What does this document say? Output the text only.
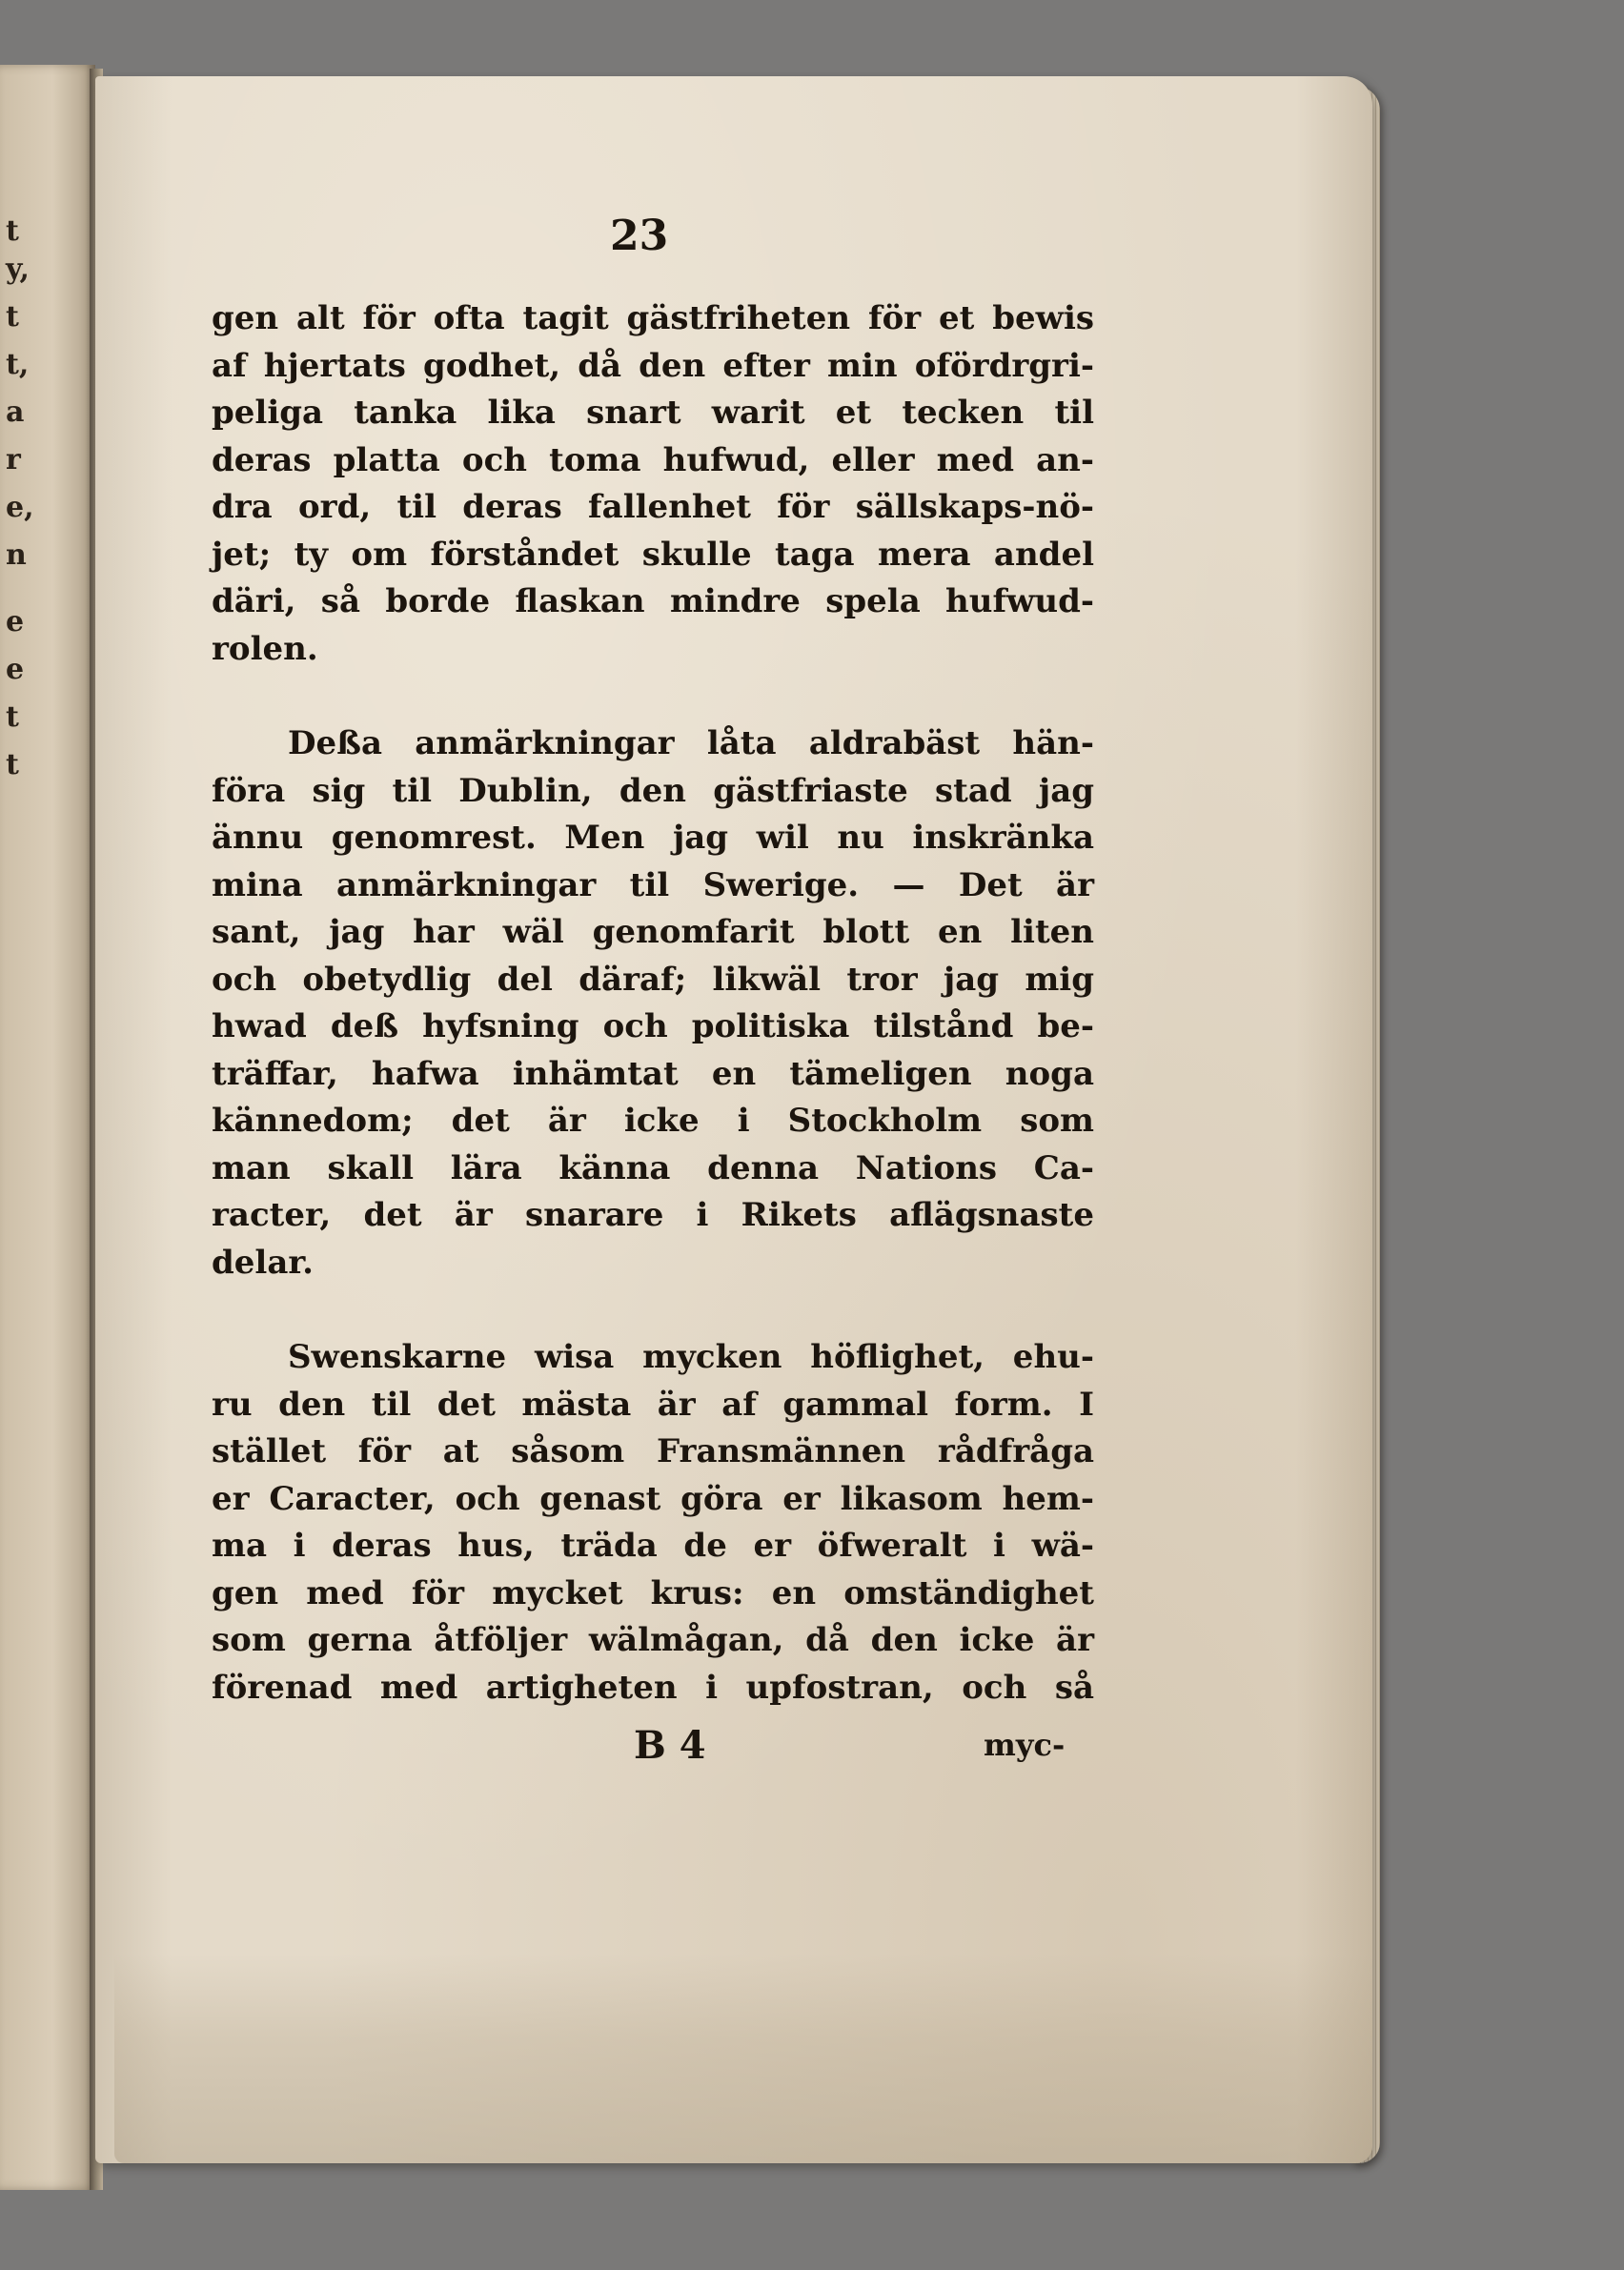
t
y,
t
t,
a
r
e,
n
e
e
t
t
23
gen alt för ofta tagit gästfriheten för et bewis
af hjertats godhet, då den efter min ofördrgri-
peliga tanka lika snart warit et tecken til
deras platta och toma hufwud, eller med an-
dra ord, til deras fallenhet för sällskaps-nö-
jet; ty om förståndet skulle taga mera andel
däri, så borde flaskan mindre spela hufwud-
rolen.
Deßa anmärkningar låta aldrabäst hän-
föra sig til Dublin, den gästfriaste stad jag
ännu genomrest. Men jag wil nu inskränka
mina anmärkningar til Swerige. — Det är
sant, jag har wäl genomfarit blott en liten
och obetydlig del däraf; likwäl tror jag mig
hwad deß hyfsning och politiska tilstånd be-
träffar, hafwa inhämtat en tämeligen noga
kännedom; det är icke i Stockholm som
man skall lära känna denna Nations Ca-
racter, det är snarare i Rikets aflägsnaste
delar.
Swenskarne wisa mycken höflighet, ehu-
ru den til det mästa är af gammal form. I
stället för at såsom Fransmännen rådfråga
er Caracter, och genast göra er likasom hem-
ma i deras hus, träda de er öfweralt i wä-
gen med för mycket krus: en omständighet
som gerna åtföljer wälmågan, då den icke är
förenad med artigheten i upfostran, och så
B 4	myc-
